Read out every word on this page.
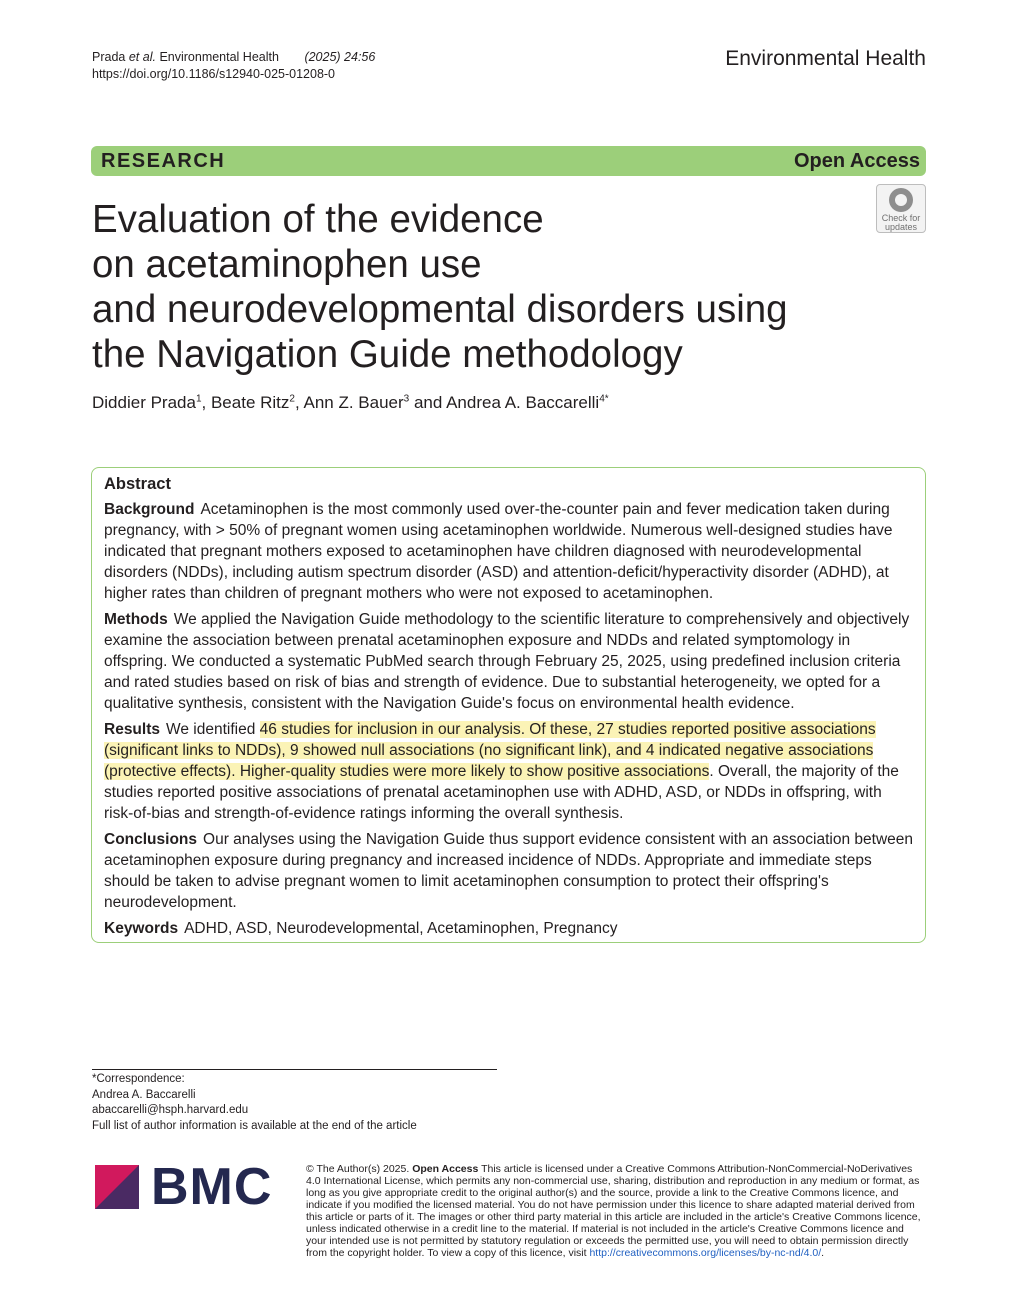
Prada et al. Environmental Health (2025) 24:56
https://doi.org/10.1186/s12940-025-01208-0
Environmental Health
RESEARCH	Open Access
Check for
updates
Evaluation of the evidence
on acetaminophen use
and neurodevelopmental disorders using
the Navigation Guide methodology
Diddier Prada$^1$, Beate Ritz$^2$, Ann Z. Bauer$^3$ and Andrea A. Baccarelli$^{4*}$
Abstract

Background Acetaminophen is the most commonly used over-the-counter pain and fever medication taken during pregnancy, with > 50% of pregnant women using acetaminophen worldwide. Numerous well-designed studies have indicated that pregnant mothers exposed to acetaminophen have children diagnosed with neurodevelopmental disorders (NDDs), including autism spectrum disorder (ASD) and attention-deficit/hyperactivity disorder (ADHD), at higher rates than children of pregnant mothers who were not exposed to acetaminophen.

Methods We applied the Navigation Guide methodology to the scientific literature to comprehensively and objectively examine the association between prenatal acetaminophen exposure and NDDs and related symptomology in offspring. We conducted a systematic PubMed search through February 25, 2025, using predefined inclusion criteria and rated studies based on risk of bias and strength of evidence. Due to substantial heterogeneity, we opted for a qualitative synthesis, consistent with the Navigation Guide's focus on environmental health evidence.

Results We identified 46 studies for inclusion in our analysis. Of these, 27 studies reported positive associations (significant links to NDDs), 9 showed null associations (no significant link), and 4 indicated negative associations (protective effects). Higher-quality studies were more likely to show positive associations. Overall, the majority of the studies reported positive associations of prenatal acetaminophen use with ADHD, ASD, or NDDs in offspring, with risk-of-bias and strength-of-evidence ratings informing the overall synthesis.

Conclusions Our analyses using the Navigation Guide thus support evidence consistent with an association between acetaminophen exposure during pregnancy and increased incidence of NDDs. Appropriate and immediate steps should be taken to advise pregnant women to limit acetaminophen consumption to protect their offspring's neurodevelopment.

Keywords ADHD, ASD, Neurodevelopmental, Acetaminophen, Pregnancy

*Correspondence:
Andrea A. Baccarelli
abaccarelli@hsph.harvard.edu
Full list of author information is available at the end of the article
BMC	© The Author(s) 2025. Open Access This article is licensed under a Creative Commons Attribution-NonCommercial-NoDerivatives 4.0 International License, which permits any non-commercial use, sharing, distribution and reproduction in any medium or format, as long as you give appropriate credit to the original author(s) and the source, provide a link to the Creative Commons licence, and indicate if you modified the licensed material. You do not have permission under this licence to share adapted material derived from this article or parts of it. The images or other third party material in this article are included in the article's Creative Commons licence, unless indicated otherwise in a credit line to the material. If material is not included in the article's Creative Commons licence and your intended use is not permitted by statutory regulation or exceeds the permitted use, you will need to obtain permission directly from the copyright holder. To view a copy of this licence, visit http://creativecommons.org/licenses/by-nc-nd/4.0/.
